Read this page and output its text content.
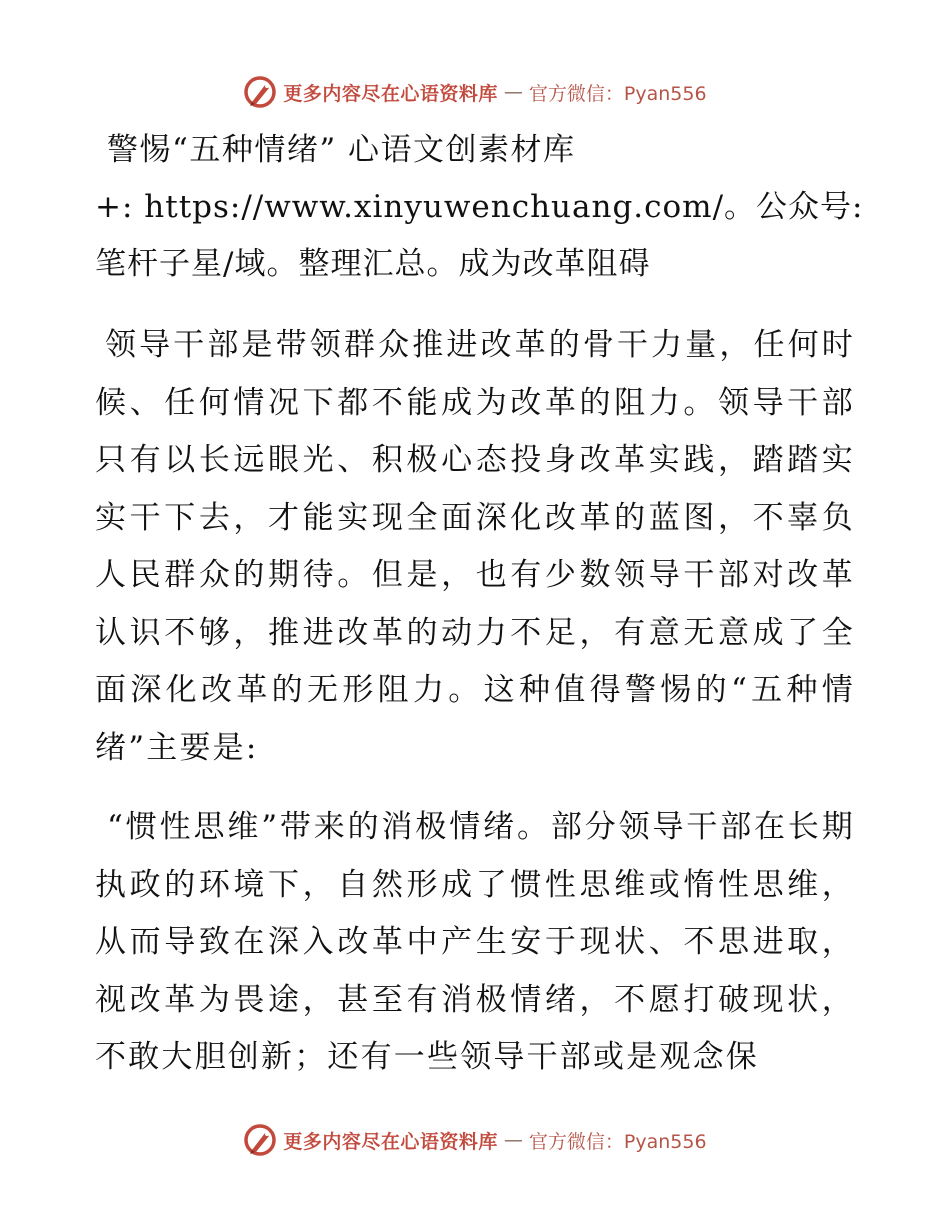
更多内容尽在心语资料库 — 官方微信：Pyan556
警惕“五种情绪” 心语文创素材库

+: https://www.xinyuwenchuang.com/。公众号:

笔杆子星/域。整理汇总。成为改革阻碍

领导干部是带领群众推进改革的骨干力量，任何时候、任何情况下都不能成为改革的阻力。领导干部只有以长远眼光、积极心态投身改革实践，踏踏实实干下去，才能实现全面深化改革的蓝图，不辜负人民群众的期待。但是，也有少数领导干部对改革认识不够，推进改革的动力不足，有意无意成了全面深化改革的无形阻力。这种值得警惕的“五种情绪”主要是:

“惯性思维”带来的消极情绪。部分领导干部在长期执政的环境下，自然形成了惯性思维或惰性思维，从而导致在深入改革中产生安于现状、不思进取，视改革为畏途，甚至有消极情绪，不愿打破现状，不敢大胆创新；还有一些领导干部或是观念保

更多内容尽在心语资料库 — 官方微信：Pyan556
